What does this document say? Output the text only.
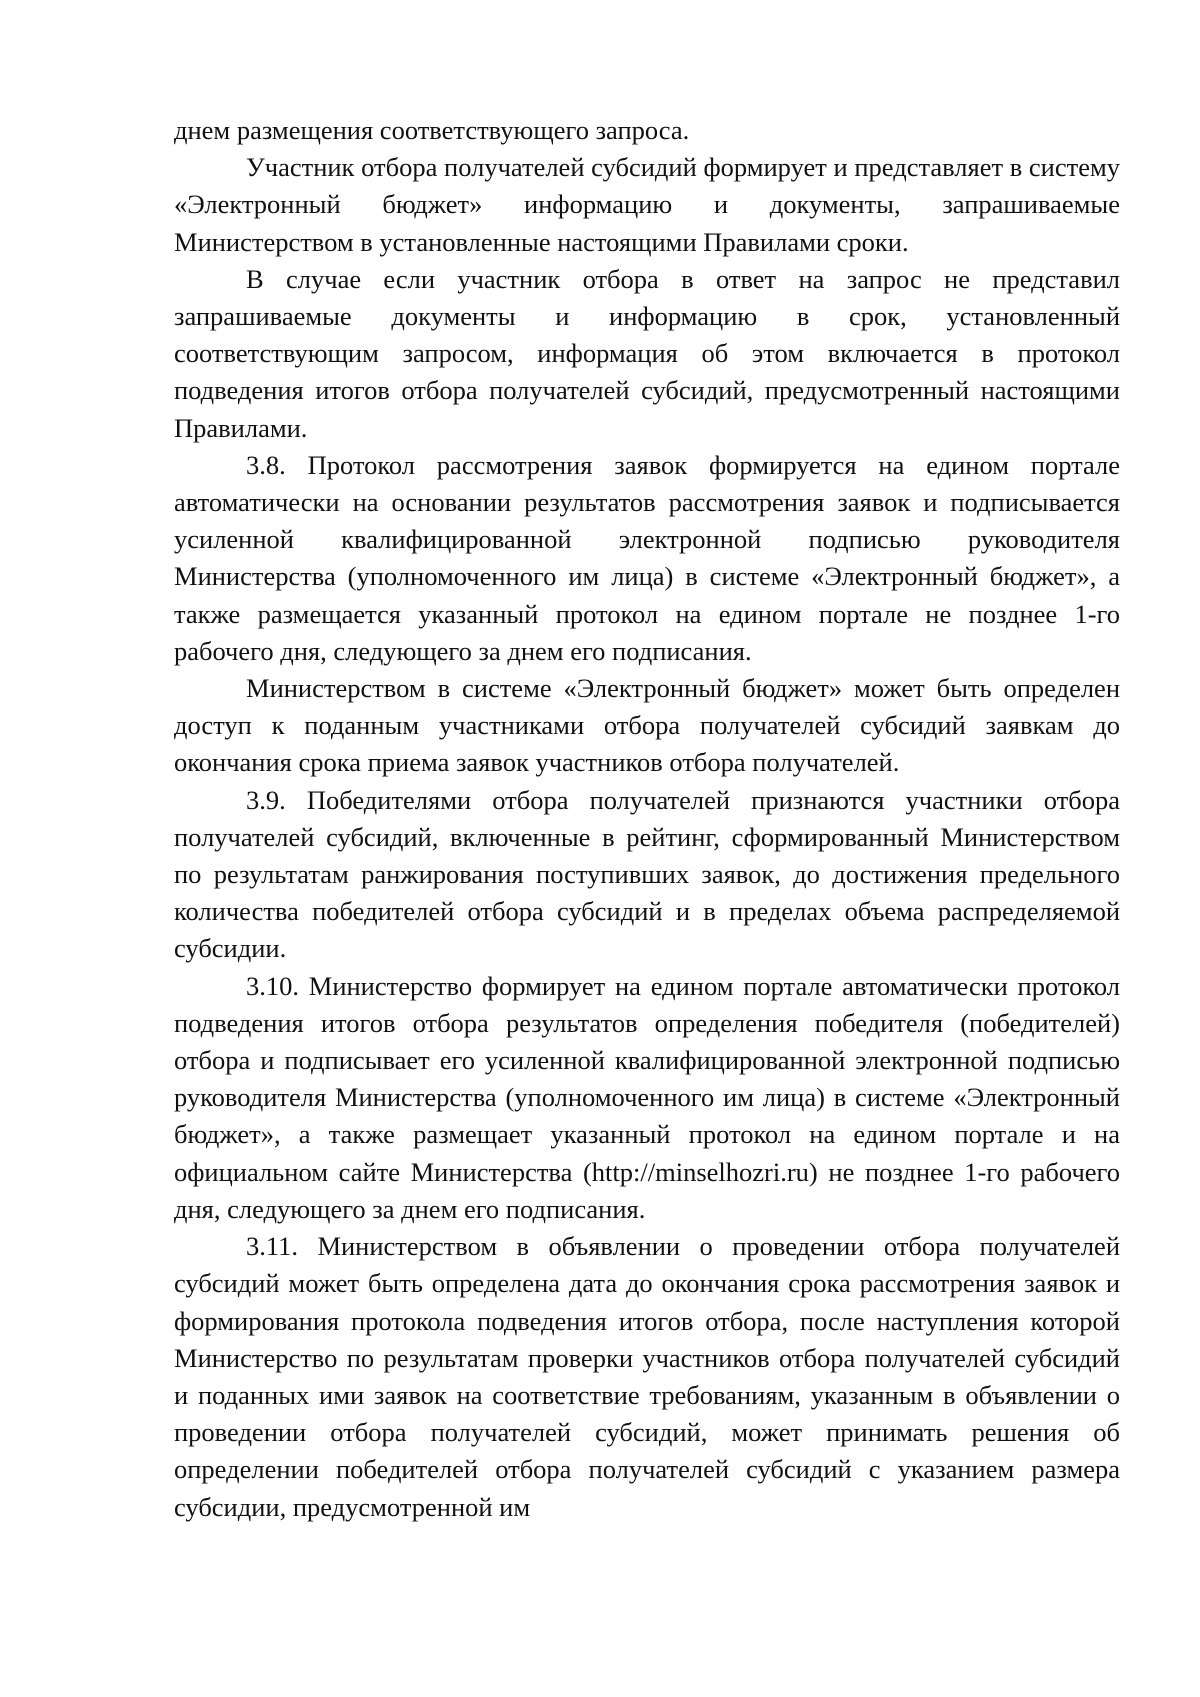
днем размещения соответствующего запроса.

Участник отбора получателей субсидий формирует и представляет в систему «Электронный бюджет» информацию и документы, запрашиваемые Министерством в установленные настоящими Правилами сроки.

В случае если участник отбора в ответ на запрос не представил запрашиваемые документы и информацию в срок, установленный соответствующим запросом, информация об этом включается в протокол подведения итогов отбора получателей субсидий, предусмотренный настоящими Правилами.

3.8. Протокол рассмотрения заявок формируется на едином портале автоматически на основании результатов рассмотрения заявок и подписывается усиленной квалифицированной электронной подписью руководителя Министерства (уполномоченного им лица) в системе «Электронный бюджет», а также размещается указанный протокол на едином портале не позднее 1-го рабочего дня, следующего за днем его подписания.

Министерством в системе «Электронный бюджет» может быть определен доступ к поданным участниками отбора получателей субсидий заявкам до окончания срока приема заявок участников отбора получателей.

3.9. Победителями отбора получателей признаются участники отбора получателей субсидий, включенные в рейтинг, сформированный Министерством по результатам ранжирования поступивших заявок, до достижения предельного количества победителей отбора субсидий и в пределах объема распределяемой субсидии.

3.10. Министерство формирует на едином портале автоматически протокол подведения итогов отбора результатов определения победителя (победителей) отбора и подписывает его усиленной квалифицированной электронной подписью руководителя Министерства (уполномоченного им лица) в системе «Электронный бюджет», а также размещает указанный протокол на едином портале и на официальном сайте Министерства (http://minselhozri.ru) не позднее 1-го рабочего дня, следующего за днем его подписания.

3.11. Министерством в объявлении о проведении отбора получателей субсидий может быть определена дата до окончания срока рассмотрения заявок и формирования протокола подведения итогов отбора, после наступления которой Министерство по результатам проверки участников отбора получателей субсидий и поданных ими заявок на соответствие требованиям, указанным в объявлении о проведении отбора получателей субсидий, может принимать решения об определении победителей отбора получателей субсидий с указанием размера субсидии, предусмотренной им
